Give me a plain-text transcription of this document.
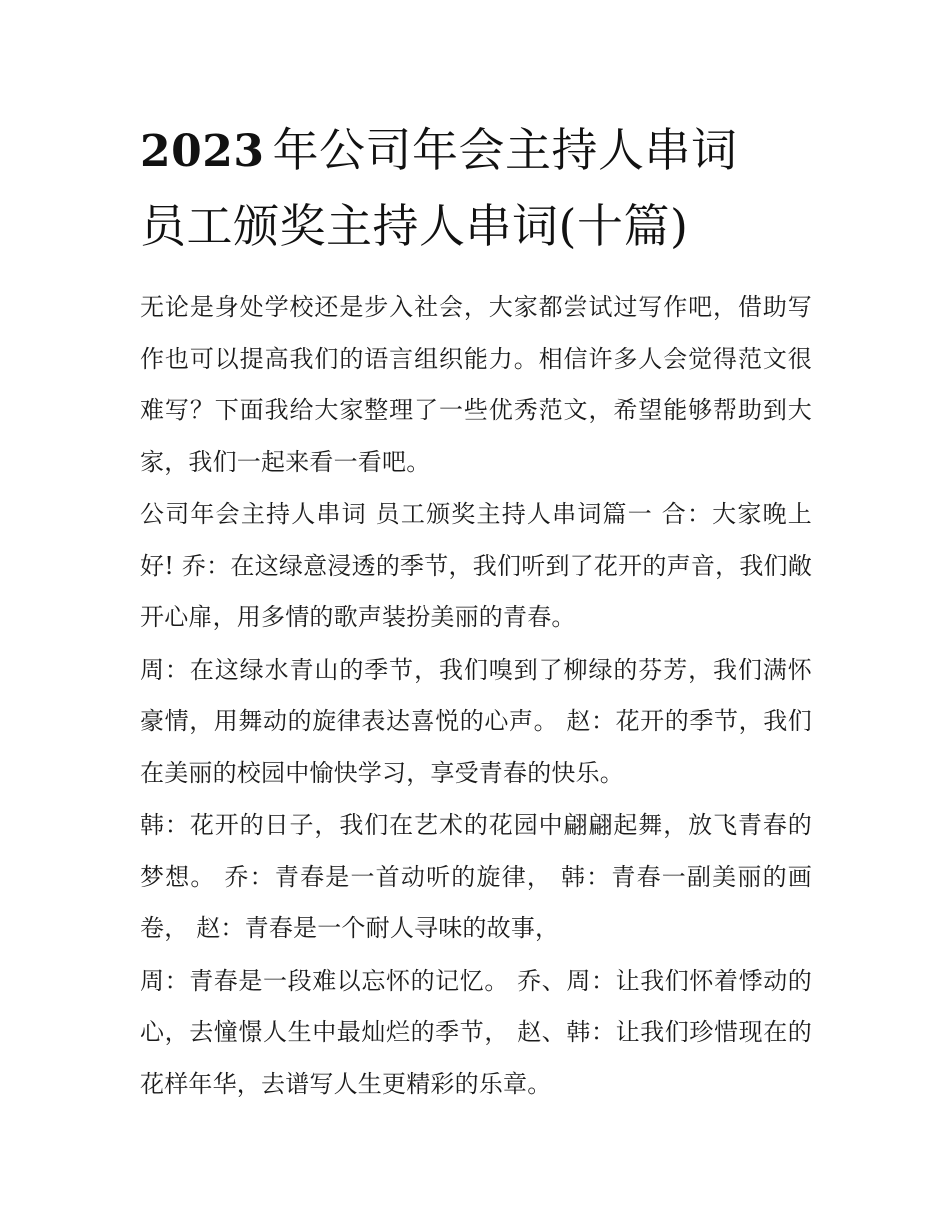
2023 年公司年会主持人串词
员工颁奖主持人串词(十篇)

无论是身处学校还是步入社会，大家都尝试过写作吧，借助写作也可以提高我们的语言组织能力。相信许多人会觉得范文很难写？下面我给大家整理了一些优秀范文，希望能够帮助到大家，我们一起来看一看吧。

公司年会主持人串词 员工颁奖主持人串词篇一 合：大家晚上好! 乔：在这绿意浸透的季节，我们听到了花开的声音，我们敞开心扉，用多情的歌声装扮美丽的青春。

周：在这绿水青山的季节，我们嗅到了柳绿的芬芳，我们满怀豪情，用舞动的旋律表达喜悦的心声。 赵：花开的季节，我们在美丽的校园中愉快学习，享受青春的快乐。

韩：花开的日子，我们在艺术的花园中翩翩起舞，放飞青春的梦想。 乔：青春是一首动听的旋律， 韩：青春一副美丽的画卷， 赵：青春是一个耐人寻味的故事，

周：青春是一段难以忘怀的记忆。 乔、周：让我们怀着悸动的心，去憧憬人生中最灿烂的季节， 赵、韩：让我们珍惜现在的花样年华，去谱写人生更精彩的乐章。
